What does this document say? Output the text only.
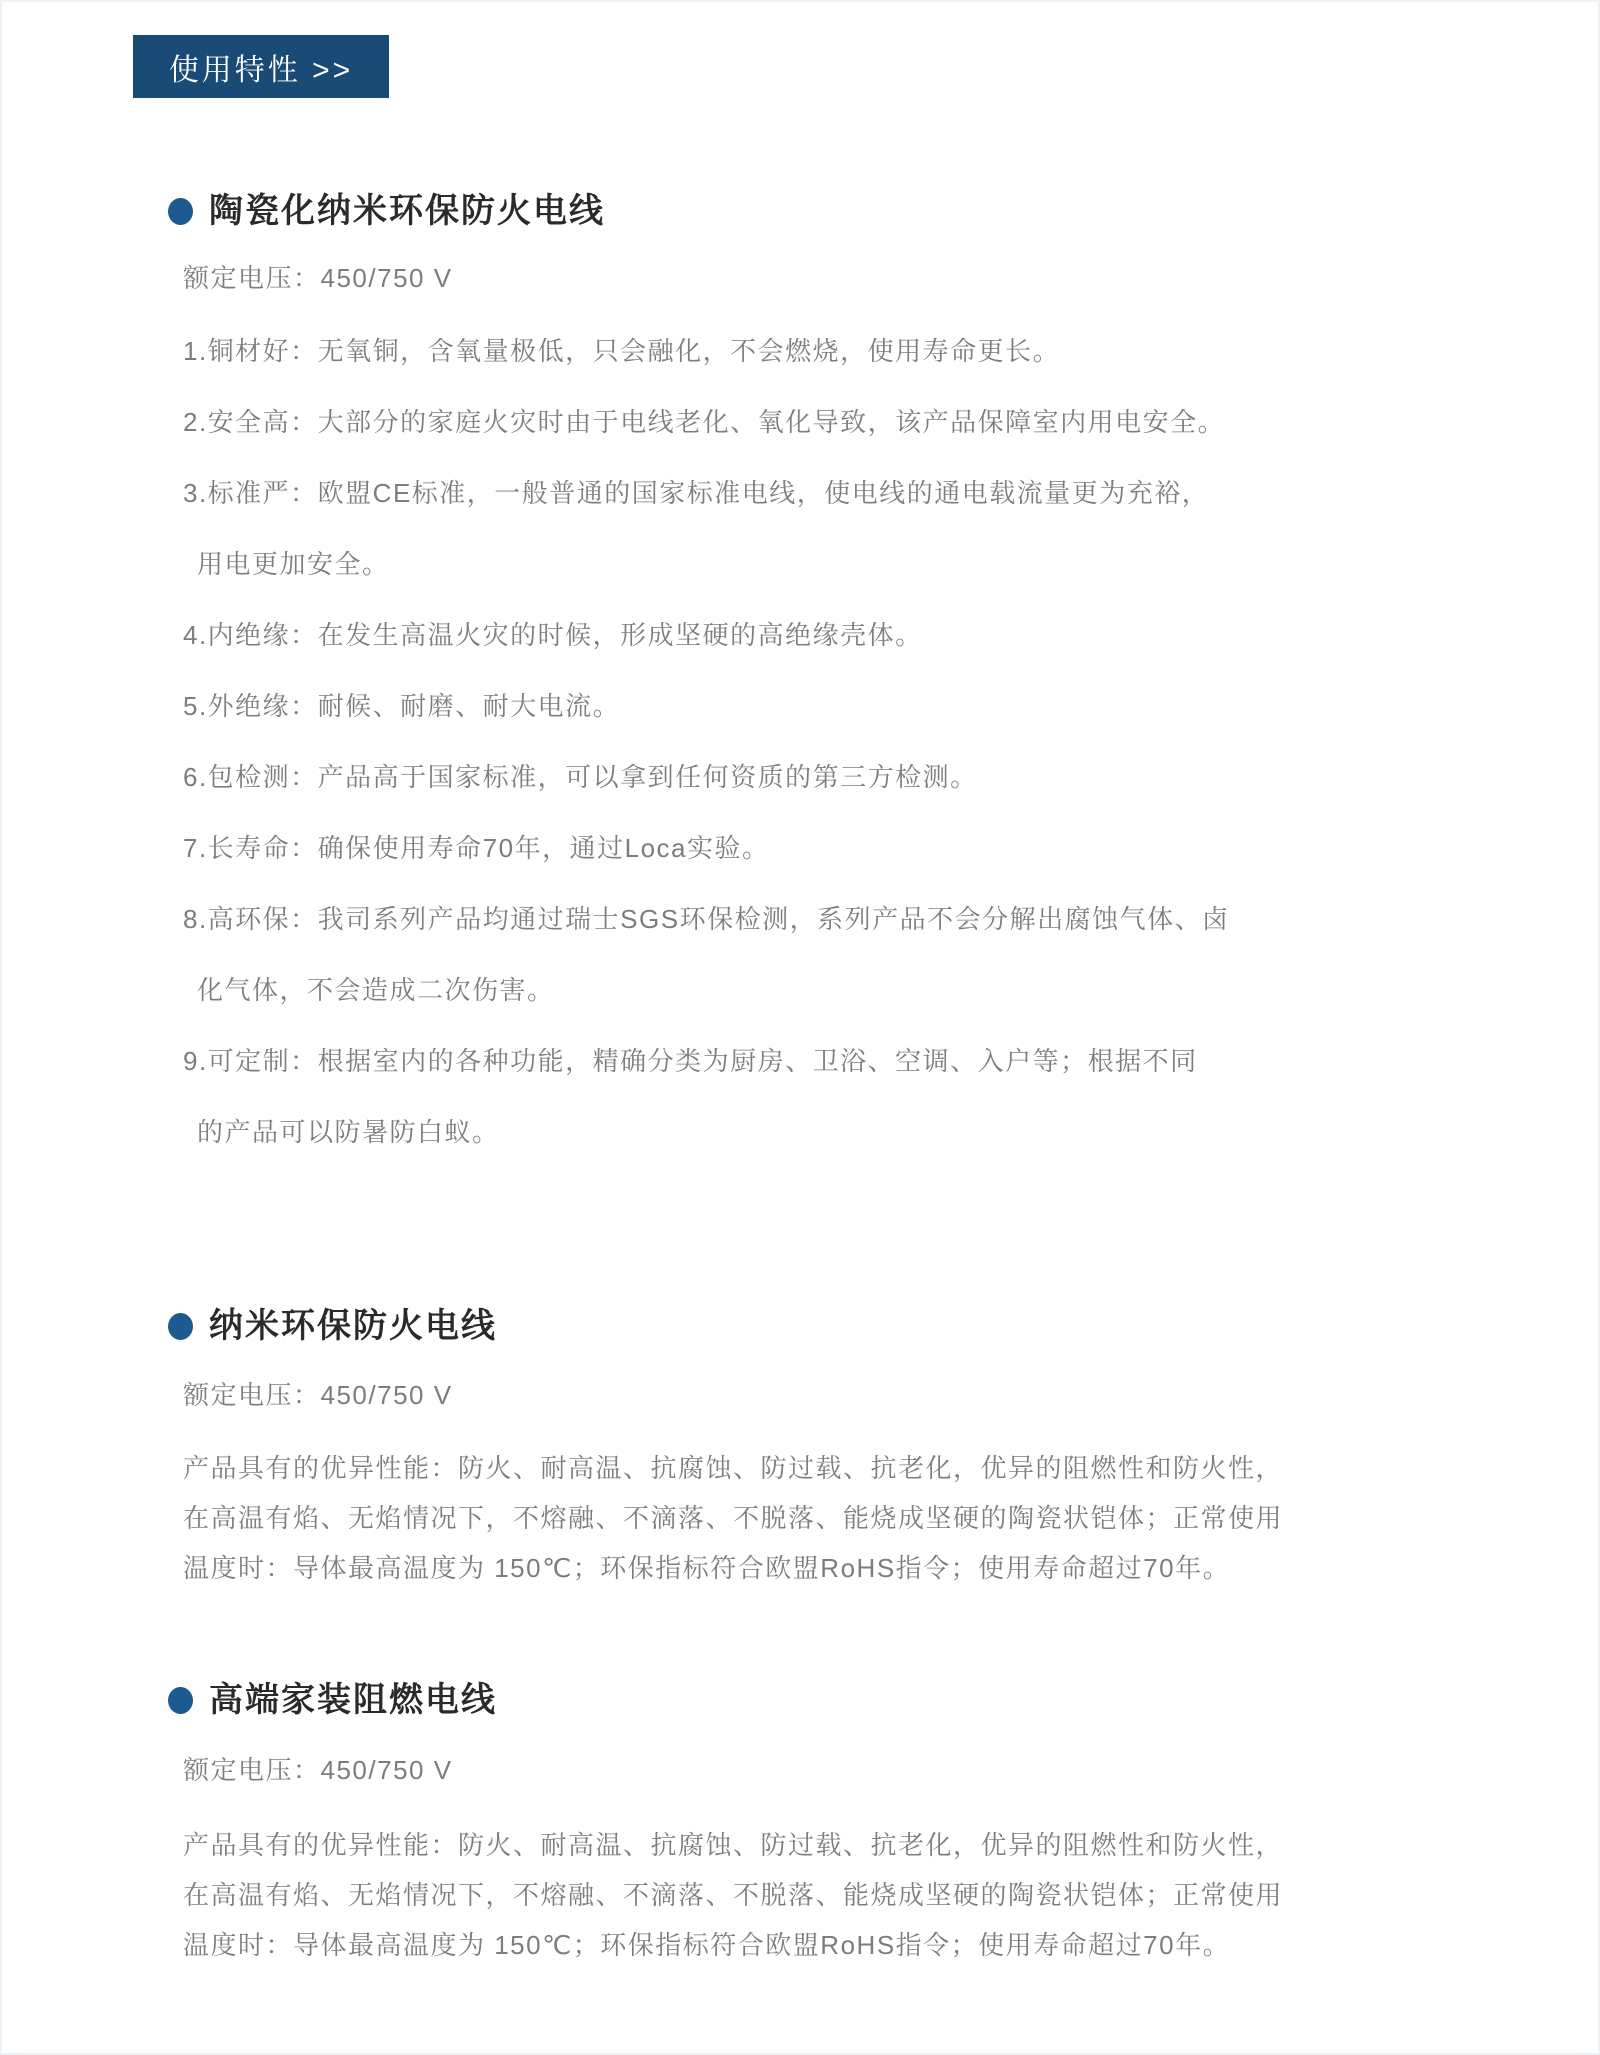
使用特性 >>
陶瓷化纳米环保防火电线
额定电压：450/750 V
1.铜材好：无氧铜，含氧量极低，只会融化，不会燃烧，使用寿命更长。
2.安全高：大部分的家庭火灾时由于电线老化、氧化导致，该产品保障室内用电安全。
3.标准严：欧盟CE标准，一般普通的国家标准电线，使电线的通电载流量更为充裕，
用电更加安全。
4.内绝缘：在发生高温火灾的时候，形成坚硬的高绝缘壳体。
5.外绝缘：耐候、耐磨、耐大电流。
6.包检测：产品高于国家标准，可以拿到任何资质的第三方检测。
7.长寿命：确保使用寿命70年，通过Loca实验。
8.高环保：我司系列产品均通过瑞士SGS环保检测，系列产品不会分解出腐蚀气体、卤
化气体，不会造成二次伤害。
9.可定制：根据室内的各种功能，精确分类为厨房、卫浴、空调、入户等；根据不同
的产品可以防暑防白蚁。
纳米环保防火电线
额定电压：450/750 V
产品具有的优异性能：防火、耐高温、抗腐蚀、防过载、抗老化，优异的阻燃性和防火性，
在高温有焰、无焰情况下，不熔融、不滴落、不脱落、能烧成坚硬的陶瓷状铠体；正常使用
温度时：导体最高温度为 150℃；环保指标符合欧盟RoHS指令；使用寿命超过70年。
高端家装阻燃电线
额定电压：450/750 V
产品具有的优异性能：防火、耐高温、抗腐蚀、防过载、抗老化，优异的阻燃性和防火性，
在高温有焰、无焰情况下，不熔融、不滴落、不脱落、能烧成坚硬的陶瓷状铠体；正常使用
温度时：导体最高温度为 150℃；环保指标符合欧盟RoHS指令；使用寿命超过70年。
